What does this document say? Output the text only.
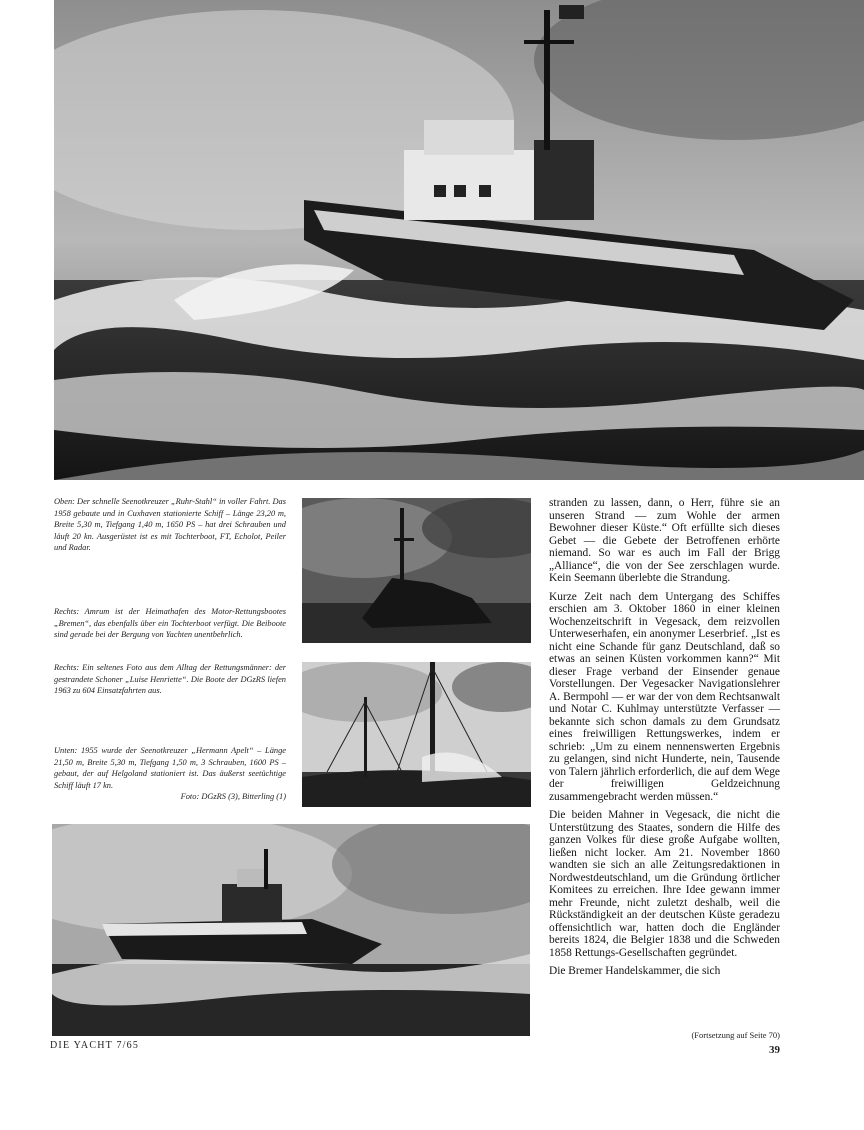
Oben: Der schnelle Seenotkreuzer „Ruhr-Stahl“ in voller Fahrt. Das 1958 gebaute und in Cuxhaven stationierte Schiff – Länge 23,20 m, Breite 5,30 m, Tiefgang 1,40 m, 1650 PS – hat drei Schrauben und läuft 20 kn. Ausgerüstet ist es mit Tochterboot, FT, Echolot, Peiler und Radar.
Rechts: Amrum ist der Heimathafen des Motor-Rettungsbootes „Bremen“, das ebenfalls über ein Tochterboot verfügt. Die Beiboote sind gerade bei der Bergung von Yachten unentbehrlich.
Rechts: Ein seltenes Foto aus dem Alltag der Rettungsmänner: der gestrandete Schoner „Luise Henriette“. Die Boote der DGzRS liefen 1963 zu 604 Einsatzfahrten aus.
Unten: 1955 wurde der Seenotkreuzer „Hermann Apelt“ – Länge 21,50 m, Breite 5,30 m, Tiefgang 1,50 m, 3 Schrauben, 1600 PS – gebaut, der auf Helgoland stationiert ist. Das äußerst seetüchtige Schiff läuft 17 kn.
Foto: DGzRS (3), Bitterling (1)

stranden zu lassen, dann, o Herr, führe sie an unseren Strand — zum Wohle der armen Bewohner dieser Küste.“ Oft erfüllte sich dieses Gebet — die Gebete der Betroffenen erhörte niemand. So war es auch im Fall der Brigg „Alliance“, die von der See zerschlagen wurde. Kein Seemann überlebte die Strandung.

Kurze Zeit nach dem Untergang des Schiffes erschien am 3. Oktober 1860 in einer kleinen Wochenzeitschrift in Vegesack, dem reizvollen Unterweserhafen, ein anonymer Leserbrief. „Ist es nicht eine Schande für ganz Deutschland, daß so etwas an seinen Küsten vorkommen kann?“ Mit dieser Frage verband der Einsender genaue Vorstellungen. Der Vegesacker Navigationslehrer A. Bermpohl — er war der von dem Rechtsanwalt und Notar C. Kuhlmay unterstützte Verfasser — bekannte sich schon damals zu dem Grundsatz eines freiwilligen Rettungswerkes, indem er schrieb: „Um zu einem nennenswerten Ergebnis zu gelangen, sind nicht Hunderte, nein, Tausende von Talern jährlich erforderlich, die auf dem Wege der freiwilligen Geldzeichnung zusammengebracht werden müssen.“

Die beiden Mahner in Vegesack, die nicht die Unterstützung des Staates, sondern die Hilfe des ganzen Volkes für diese große Aufgabe wollten, ließen nicht locker. Am 21. November 1860 wandten sie sich an alle Zeitungsredaktionen in Nordwestdeutschland, um die Gründung örtlicher Komitees zu erreichen. Ihre Idee gewann immer mehr Freunde, nicht zuletzt deshalb, weil die Rückständigkeit an der deutschen Küste geradezu offensichtlich war, hatten doch die Engländer bereits 1824, die Belgier 1838 und die Schweden 1858 Rettungs-Gesellschaften gegründet.

Die Bremer Handelskammer, die sich

(Fortsetzung auf Seite 70)
DIE YACHT 7/65	39
